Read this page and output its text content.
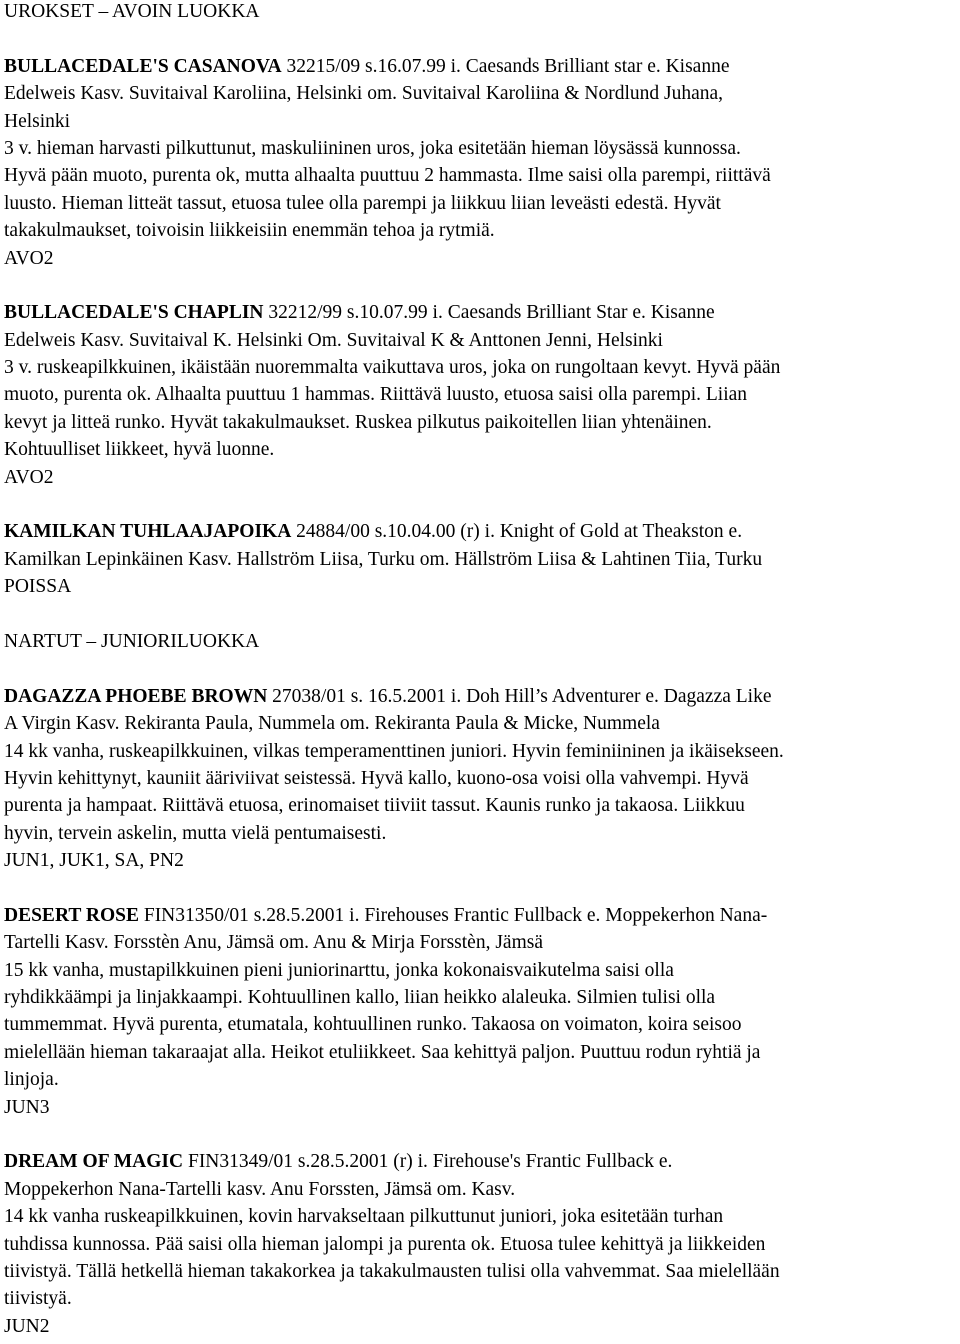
UROKSET – AVOIN LUOKKA
BULLACEDALE'S CASANOVA 32215/09 s.16.07.99 i. Caesands Brilliant star e. Kisanne
Edelweis Kasv. Suvitaival Karoliina, Helsinki om. Suvitaival Karoliina & Nordlund Juhana,
Helsinki
3 v. hieman harvasti pilkuttunut, maskuliininen uros, joka esitetään hieman löysässä kunnossa.
Hyvä pään muoto, purenta ok, mutta alhaalta puuttuu 2 hammasta. Ilme saisi olla parempi, riittävä
luusto. Hieman litteät tassut, etuosa tulee olla parempi ja liikkuu liian leveästi edestä. Hyvät
takakulmaukset, toivoisin liikkeisiin enemmän tehoa ja rytmiä.
AVO2
BULLACEDALE'S CHAPLIN 32212/99 s.10.07.99 i. Caesands Brilliant Star e. Kisanne
Edelweis Kasv. Suvitaival K. Helsinki Om. Suvitaival K & Anttonen Jenni, Helsinki
3 v. ruskeapilkkuinen, ikäistään nuoremmalta vaikuttava uros, joka on rungoltaan kevyt. Hyvä pään
muoto, purenta ok. Alhaalta puuttuu 1 hammas. Riittävä luusto, etuosa saisi olla parempi. Liian
kevyt ja litteä runko. Hyvät takakulmaukset. Ruskea pilkutus paikoitellen liian yhtenäinen.
Kohtuulliset liikkeet, hyvä luonne.
AVO2
KAMILKAN TUHLAAJAPOIKA 24884/00 s.10.04.00 (r) i. Knight of Gold at Theakston e.
Kamilkan Lepinkäinen Kasv. Hallström Liisa, Turku om. Hällström Liisa & Lahtinen Tiia, Turku
POISSA
NARTUT – JUNIORILUOKKA
DAGAZZA PHOEBE BROWN 27038/01 s. 16.5.2001 i. Doh Hill’s Adventurer e. Dagazza Like
A Virgin Kasv. Rekiranta Paula, Nummela om. Rekiranta Paula & Micke, Nummela
14 kk vanha, ruskeapilkkuinen, vilkas temperamenttinen juniori. Hyvin feminiininen ja ikäisekseen.
Hyvin kehittynyt, kauniit ääriviivat seistessä. Hyvä kallo, kuono-osa voisi olla vahvempi. Hyvä
purenta ja hampaat. Riittävä etuosa, erinomaiset tiiviit tassut. Kaunis runko ja takaosa. Liikkuu
hyvin, tervein askelin, mutta vielä pentumaisesti.
JUN1, JUK1, SA, PN2
DESERT ROSE FIN31350/01 s.28.5.2001 i. Firehouses Frantic Fullback e. Moppekerhon Nana-
Tartelli Kasv. Forsstèn Anu, Jämsä om. Anu & Mirja Forsstèn, Jämsä
15 kk vanha, mustapilkkuinen pieni juniorinarttu, jonka kokonaisvaikutelma saisi olla
ryhdikkäämpi ja linjakkaampi. Kohtuullinen kallo, liian heikko alaleuka. Silmien tulisi olla
tummemmat. Hyvä purenta, etumatala, kohtuullinen runko. Takaosa on voimaton, koira seisoo
mielellään hieman takaraajat alla. Heikot etuliikkeet. Saa kehittyä paljon. Puuttuu rodun ryhtiä ja
linjoja.
JUN3
DREAM OF MAGIC FIN31349/01 s.28.5.2001 (r) i. Firehouse's Frantic Fullback e.
Moppekerhon Nana-Tartelli kasv. Anu Forssten, Jämsä om. Kasv.
14 kk vanha ruskeapilkkuinen, kovin harvakseltaan pilkuttunut juniori, joka esitetään turhan
tuhdissa kunnossa. Pää saisi olla hieman jalompi ja purenta ok. Etuosa tulee kehittyä ja liikkeiden
tiivistyä. Tällä hetkellä hieman takakorkea ja takakulmausten tulisi olla vahvemmat. Saa mielellään
tiivistyä.
JUN2
